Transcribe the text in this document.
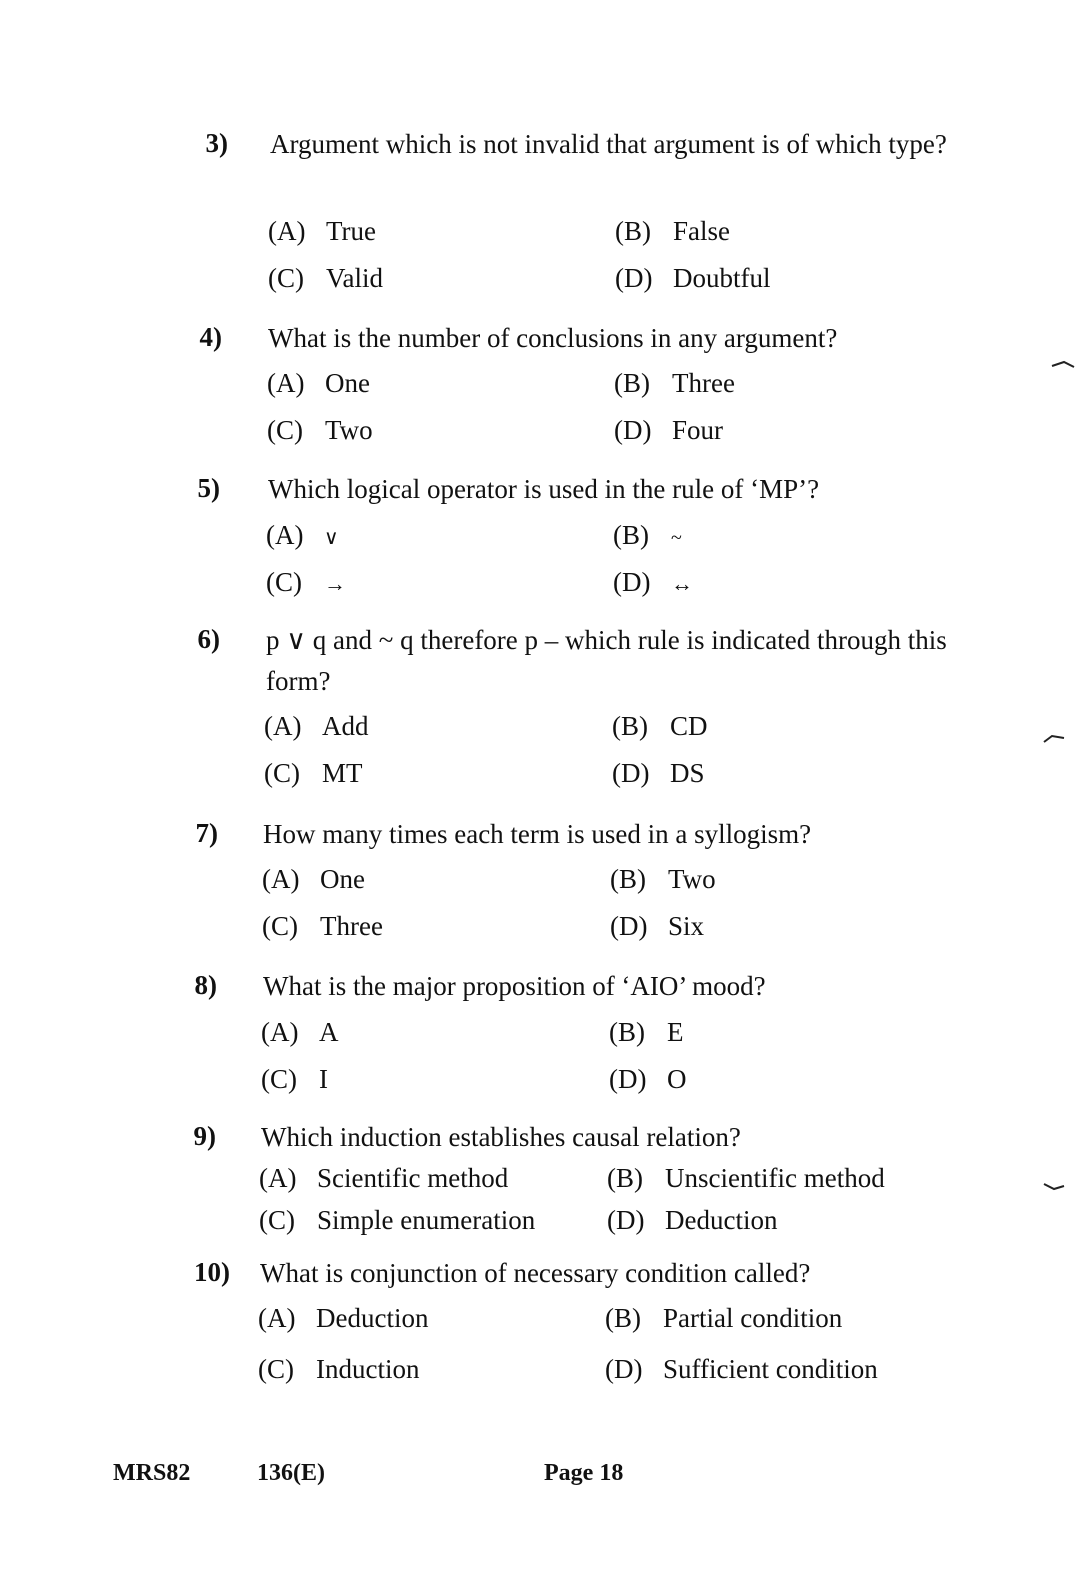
3) Argument which is not invalid that argument is of which type?
(A) True	(B) False
(C) Valid	(D) Doubtful
4) What is the number of conclusions in any argument?
(A) One	(B) Three
(C) Two	(D) Four
5) Which logical operator is used in the rule of ‘MP’?
(A) ∨	(B) ~
(C) →	(D) ↔
6) p ∨ q and ~ q therefore p – which rule is indicated through this form?
(A) Add	(B) CD
(C) MT	(D) DS
7) How many times each term is used in a syllogism?
(A) One	(B) Two
(C) Three	(D) Six
8) What is the major proposition of ‘AIO’ mood?
(A) A	(B) E
(C) I	(D) O
9) Which induction establishes causal relation?
(A) Scientific method	(B) Unscientific method
(C) Simple enumeration	(D) Deduction
10) What is conjunction of necessary condition called?
(A) Deduction	(B) Partial condition
(C) Induction	(D) Sufficient condition
MRS82	136(E)	Page 18
